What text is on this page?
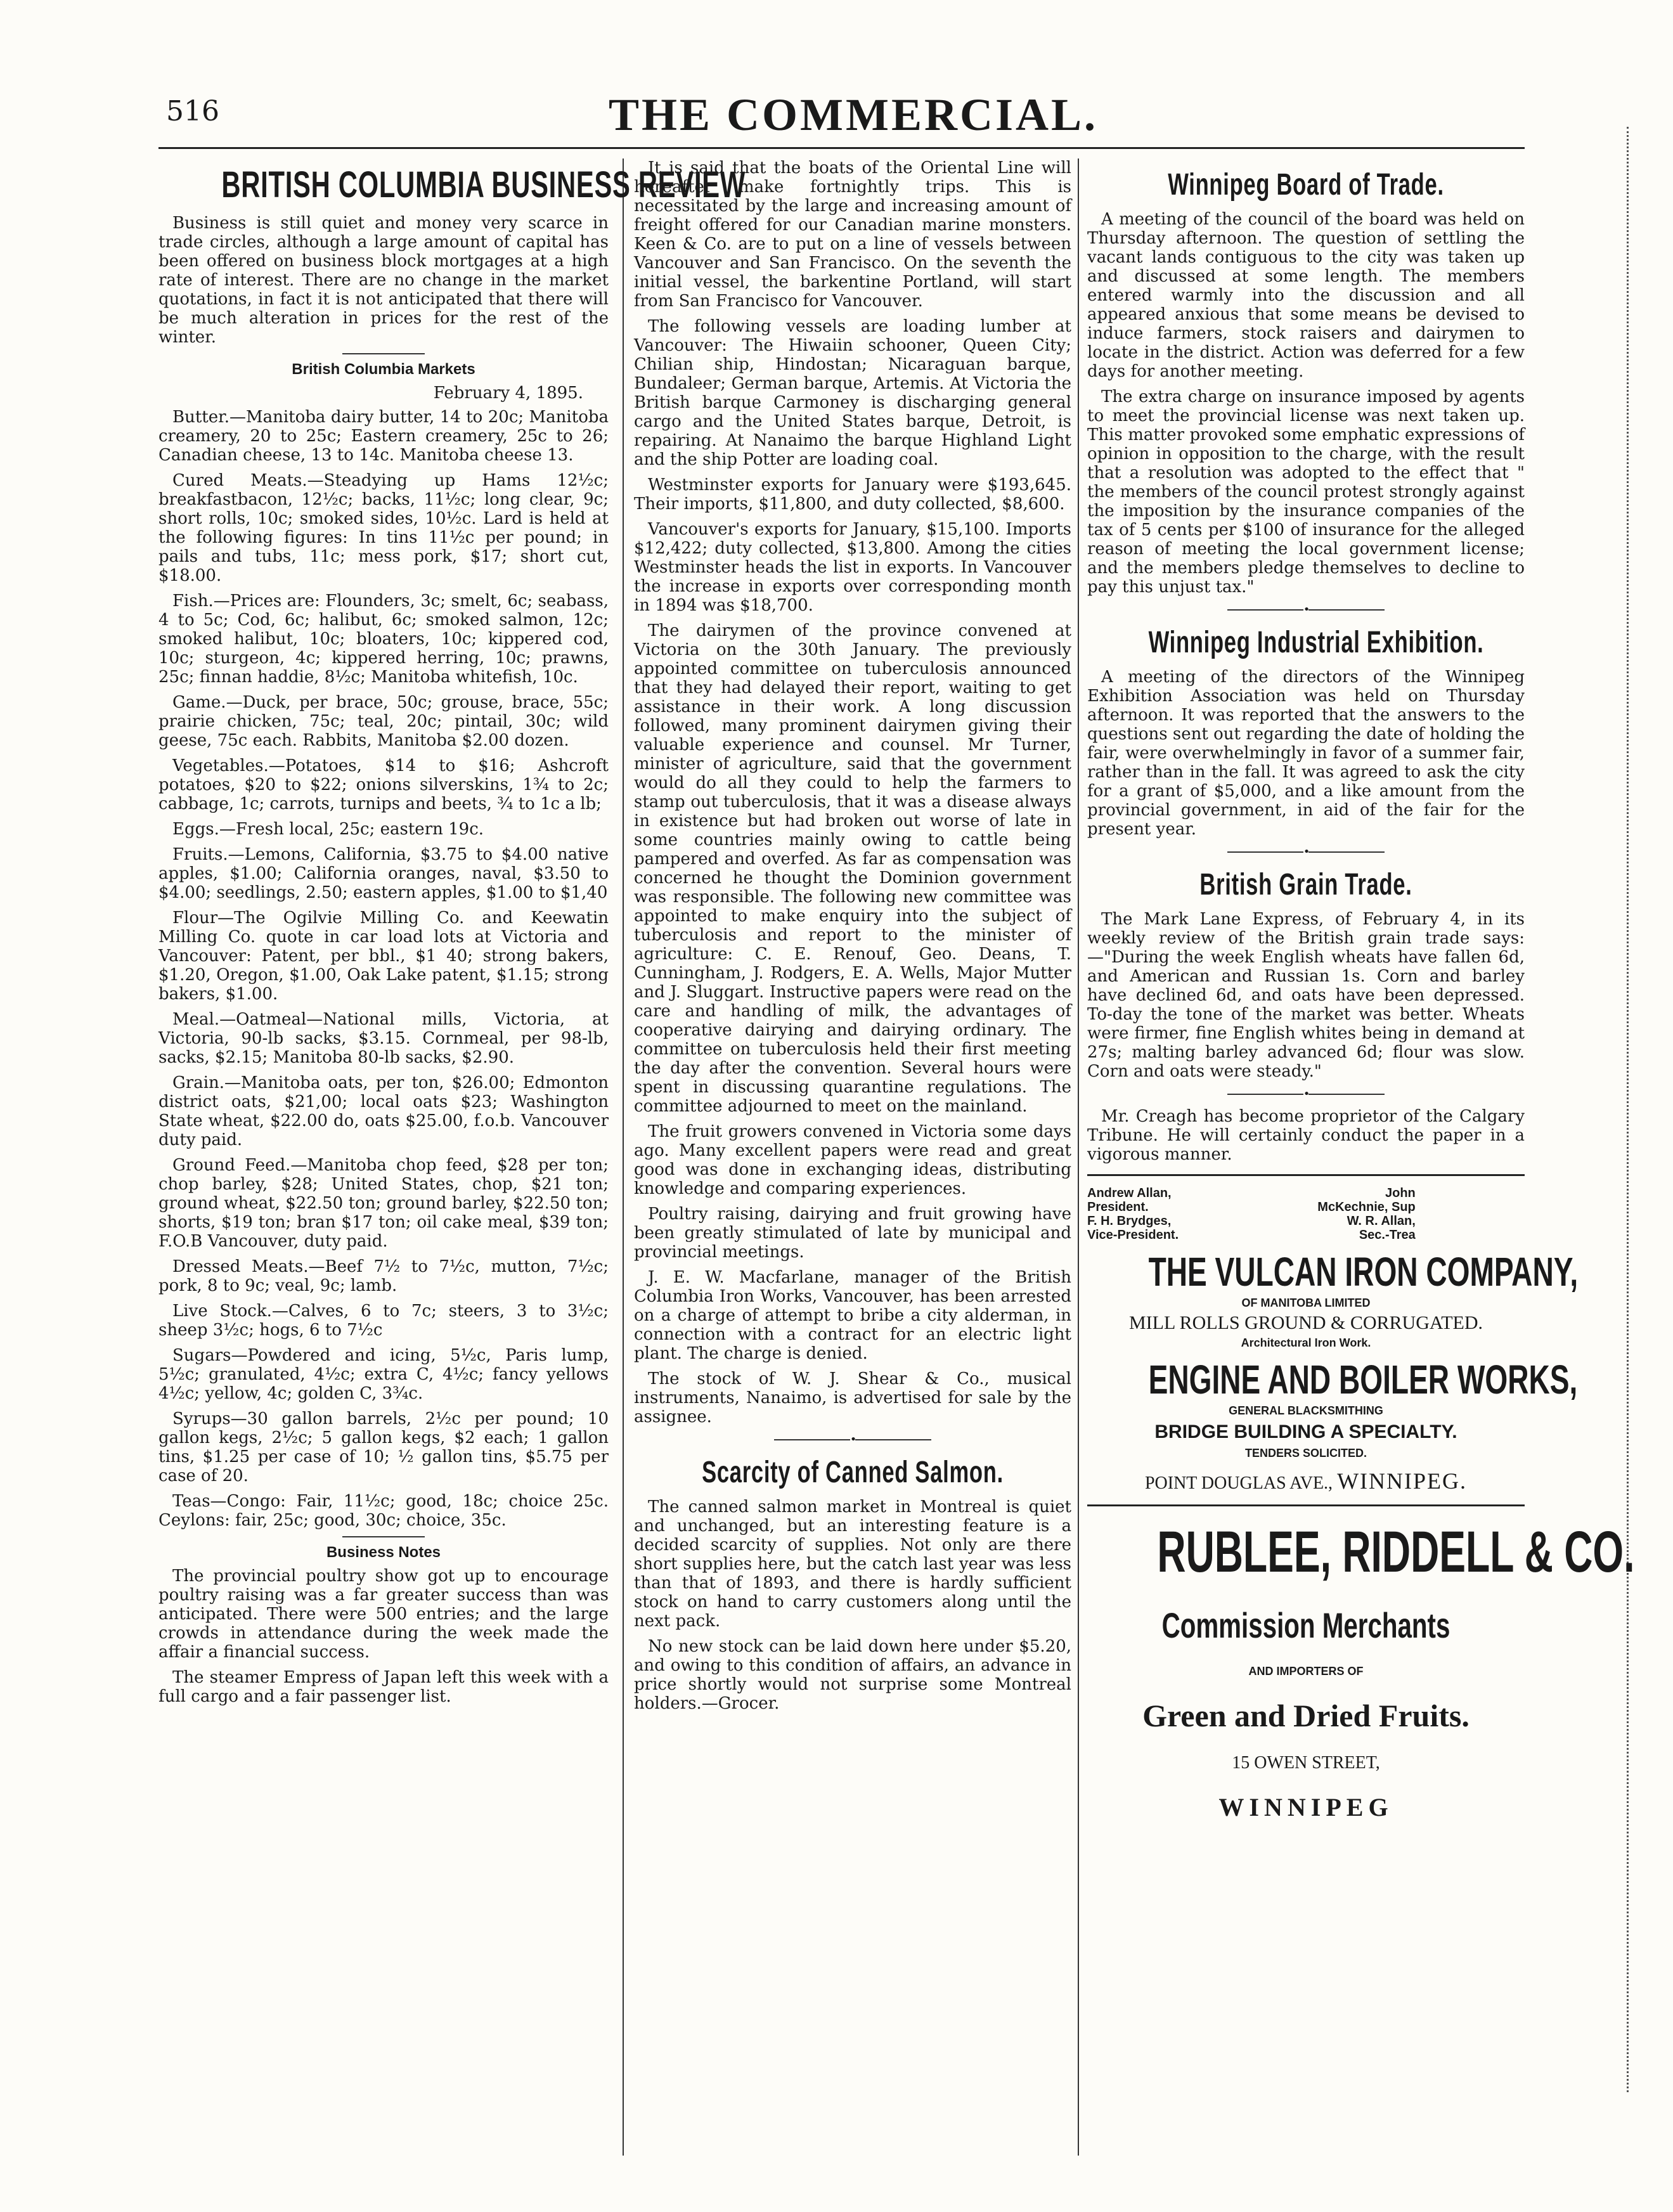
516	THE COMMERCIAL.
BRITISH COLUMBIA BUSINESS REVIEW

Business is still quiet and money very scarce in trade circles, although a large amount of capital has been offered on business block mortgages at a high rate of interest. There are no change in the market quotations, in fact it is not anticipated that there will be much alteration in prices for the rest of the winter.

British Columbia Markets
February 4, 1895.

Butter.—Manitoba dairy butter, 14 to 20c; Manitoba creamery, 20 to 25c; Eastern creamery, 25c to 26; Canadian cheese, 13 to 14c. Manitoba cheese 13.

Cured Meats.—Steadying up Hams 12½c; breakfastbacon, 12½c; backs, 11½c; long clear, 9c; short rolls, 10c; smoked sides, 10½c. Lard is held at the following figures: In tins 11½c per pound; in pails and tubs, 11c; mess pork, $17; short cut, $18.00.

Fish.—Prices are: Flounders, 3c; smelt, 6c; seabass, 4 to 5c; Cod, 6c; halibut, 6c; smoked salmon, 12c; smoked halibut, 10c; bloaters, 10c; kippered cod, 10c; sturgeon, 4c; kippered herring, 10c; prawns, 25c; finnan haddie, 8½c; Manitoba whitefish, 10c.

Game.—Duck, per brace, 50c; grouse, brace, 55c; prairie chicken, 75c; teal, 20c; pintail, 30c; wild geese, 75c each. Rabbits, Manitoba $2.00 dozen.

Vegetables.—Potatoes, $14 to $16; Ashcroft potatoes, $20 to $22; onions silverskins, 1¾ to 2c; cabbage, 1c; carrots, turnips and beets, ¾ to 1c a lb;

Eggs.—Fresh local, 25c; eastern 19c.

Fruits.—Lemons, California, $3.75 to $4.00 native apples, $1.00; California oranges, naval, $3.50 to $4.00; seedlings, 2.50; eastern apples, $1.00 to $1,40

Flour—The Ogilvie Milling Co. and Keewatin Milling Co. quote in car load lots at Victoria and Vancouver: Patent, per bbl., $1 40; strong bakers, $1.20, Oregon, $1.00, Oak Lake patent, $1.15; strong bakers, $1.00.

Meal.—Oatmeal—National mills, Victoria, at Victoria, 90-lb sacks, $3.15. Cornmeal, per 98-lb, sacks, $2.15; Manitoba 80-lb sacks, $2.90.

Grain.—Manitoba oats, per ton, $26.00; Edmonton district oats, $21,00; local oats $23; Washington State wheat, $22.00 do, oats $25.00, f.o.b. Vancouver duty paid.

Ground Feed.—Manitoba chop feed, $28 per ton; chop barley, $28; United States, chop, $21 ton; ground wheat, $22.50 ton; ground barley, $22.50 ton; shorts, $19 ton; bran $17 ton; oil cake meal, $39 ton; F.O.B Vancouver, duty paid.

Dressed Meats.—Beef 7½ to 7½c, mutton, 7½c; pork, 8 to 9c; veal, 9c; lamb.

Live Stock.—Calves, 6 to 7c; steers, 3 to 3½c; sheep 3½c; hogs, 6 to 7½c

Sugars—Powdered and icing, 5½c, Paris lump, 5½c; granulated, 4½c; extra C, 4½c; fancy yellows 4½c; yellow, 4c; golden C, 3¾c.

Syrups—30 gallon barrels, 2½c per pound; 10 gallon kegs, 2½c; 5 gallon kegs, $2 each; 1 gallon tins, $1.25 per case of 10; ½ gallon tins, $5.75 per case of 20.

Teas—Congo: Fair, 11½c; good, 18c; choice 25c. Ceylons: fair, 25c; good, 30c; choice, 35c.

Business Notes

The provincial poultry show got up to encourage poultry raising was a far greater success than was anticipated. There were 500 entries; and the large crowds in attendance during the week made the affair a financial success.

The steamer Empress of Japan left this week with a full cargo and a fair passenger list.

It is said that the boats of the Oriental Line will hereafter make fortnightly trips. This is necessitated by the large and increasing amount of freight offered for our Canadian marine monsters. Keen & Co. are to put on a line of vessels between Vancouver and San Francisco. On the seventh the initial vessel, the barkentine Portland, will start from San Francisco for Vancouver.

The following vessels are loading lumber at Vancouver: The Hiwaiin schooner, Queen City; Chilian ship, Hindostan; Nicaraguan barque, Bundaleer; German barque, Artemis. At Victoria the British barque Carmoney is discharging general cargo and the United States barque, Detroit, is repairing. At Nanaimo the barque Highland Light and the ship Potter are loading coal.

Westminster exports for January were $193,645. Their imports, $11,800, and duty collected, $8,600.

Vancouver's exports for January, $15,100. Imports $12,422; duty collected, $13,800. Among the cities Westminster heads the list in exports. In Vancouver the increase in exports over corresponding month in 1894 was $18,700.

The dairymen of the province convened at Victoria on the 30th January. The previously appointed committee on tuberculosis announced that they had delayed their report, waiting to get assistance in their work. A long discussion followed, many prominent dairymen giving their valuable experience and counsel. Mr Turner, minister of agriculture, said that the government would do all they could to help the farmers to stamp out tuberculosis, that it was a disease always in existence but had broken out worse of late in some countries mainly owing to cattle being pampered and overfed. As far as compensation was concerned he thought the Dominion government was responsible. The following new committee was appointed to make enquiry into the subject of tuberculosis and report to the minister of agriculture: C. E. Renouf, Geo. Deans, T. Cunningham, J. Rodgers, E. A. Wells, Major Mutter and J. Sluggart. Instructive papers were read on the care and handling of milk, the advantages of cooperative dairying and dairying ordinary. The committee on tuberculosis held their first meeting the day after the convention. Several hours were spent in discussing quarantine regulations. The committee adjourned to meet on the mainland.

The fruit growers convened in Victoria some days ago. Many excellent papers were read and great good was done in exchanging ideas, distributing knowledge and comparing experiences.

Poultry raising, dairying and fruit growing have been greatly stimulated of late by municipal and provincial meetings.

J. E. W. Macfarlane, manager of the British Columbia Iron Works, Vancouver, has been arrested on a charge of attempt to bribe a city alderman, in connection with a contract for an electric light plant. The charge is denied.

The stock of W. J. Shear & Co., musical instruments, Nanaimo, is advertised for sale by the assignee.

•
Scarcity of Canned Salmon.

The canned salmon market in Montreal is quiet and unchanged, but an interesting feature is a decided scarcity of supplies. Not only are there short supplies here, but the catch last year was less than that of 1893, and there is hardly sufficient stock on hand to carry customers along until the next pack.

No new stock can be laid down here under $5.20, and owing to this condition of affairs, an advance in price shortly would not surprise some Montreal holders.—Grocer.

Winnipeg Board of Trade.

A meeting of the council of the board was held on Thursday afternoon. The question of settling the vacant lands contiguous to the city was taken up and discussed at some length. The members entered warmly into the discussion and all appeared anxious that some means be devised to induce farmers, stock raisers and dairymen to locate in the district. Action was deferred for a few days for another meeting.

The extra charge on insurance imposed by agents to meet the provincial license was next taken up. This matter provoked some emphatic expressions of opinion in opposition to the charge, with the result that a resolution was adopted to the effect that " the members of the council protest strongly against the imposition by the insurance companies of the tax of 5 cents per $100 of insurance for the alleged reason of meeting the local government license; and the members pledge themselves to decline to pay this unjust tax."

•
Winnipeg Industrial Exhibition.

A meeting of the directors of the Winnipeg Exhibition Association was held on Thursday afternoon. It was reported that the answers to the questions sent out regarding the date of holding the fair, were overwhelmingly in favor of a summer fair, rather than in the fall. It was agreed to ask the city for a grant of $5,000, and a like amount from the provincial government, in aid of the fair for the present year.

•
British Grain Trade.

The Mark Lane Express, of February 4, in its weekly review of the British grain trade says:—"During the week English wheats have fallen 6d, and American and Russian 1s. Corn and barley have declined 6d, and oats have been depressed. To-day the tone of the market was better. Wheats were firmer, fine English whites being in demand at 27s; malting barley advanced 6d; flour was slow. Corn and oats were steady."

•

Mr. Creagh has become proprietor of the Calgary Tribune. He will certainly conduct the paper in a vigorous manner.

Andrew Allan, President.
F. H. Brydges, Vice-President.
John McKechnie, Sup
W. R. Allan, Sec.-Trea
THE VULCAN IRON COMPANY,
OF MANITOBA LIMITED
MILL ROLLS GROUND & CORRUGATED.
Architectural Iron Work.
ENGINE AND BOILER WORKS,
GENERAL BLACKSMITHING
BRIDGE BUILDING A SPECIALTY.
TENDERS SOLICITED.
POINT DOUGLAS AVE., WINNIPEG.
RUBLEE, RIDDELL & CO.
Commission Merchants
AND IMPORTERS OF
Green and Dried Fruits.
15 OWEN STREET,
WINNIPEG
